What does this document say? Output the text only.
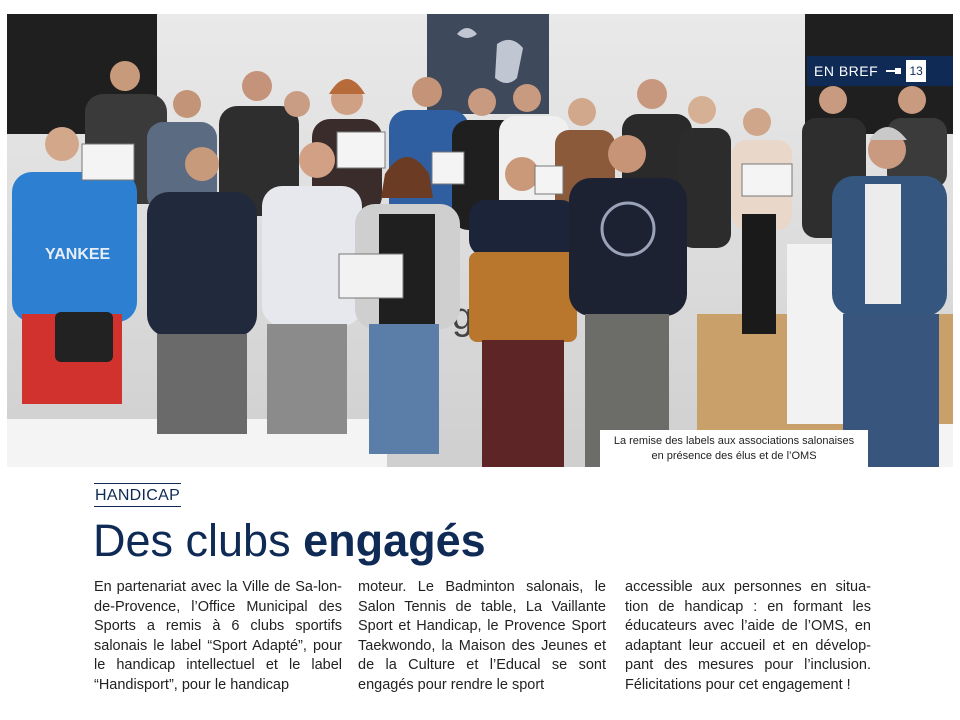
YANKEE
EN BREF	13
La remise des labels aux associations salonaises
en présence des élus et de l’OMS
HANDICAP
Des clubs engagés
En partenariat avec la Ville de Sa-lon-de-Provence, l’Office Municipal des Sports a remis à 6 clubs sportifs salonais le label “Sport Adapté”, pour le handicap intellectuel et le label “Handisport”, pour le handicap
moteur. Le Badminton salonais, le Salon Tennis de table, La Vaillante Sport et Handicap, le Provence Sport Taekwondo, la Maison des Jeunes et de la Culture et l’Educal se sont engagés pour rendre le sport
accessible aux personnes en situa-tion de handicap : en formant les éducateurs avec l’aide de l’OMS, en adaptant leur accueil et en dévelop-pant des mesures pour l’inclusion. Félicitations pour cet engagement !
